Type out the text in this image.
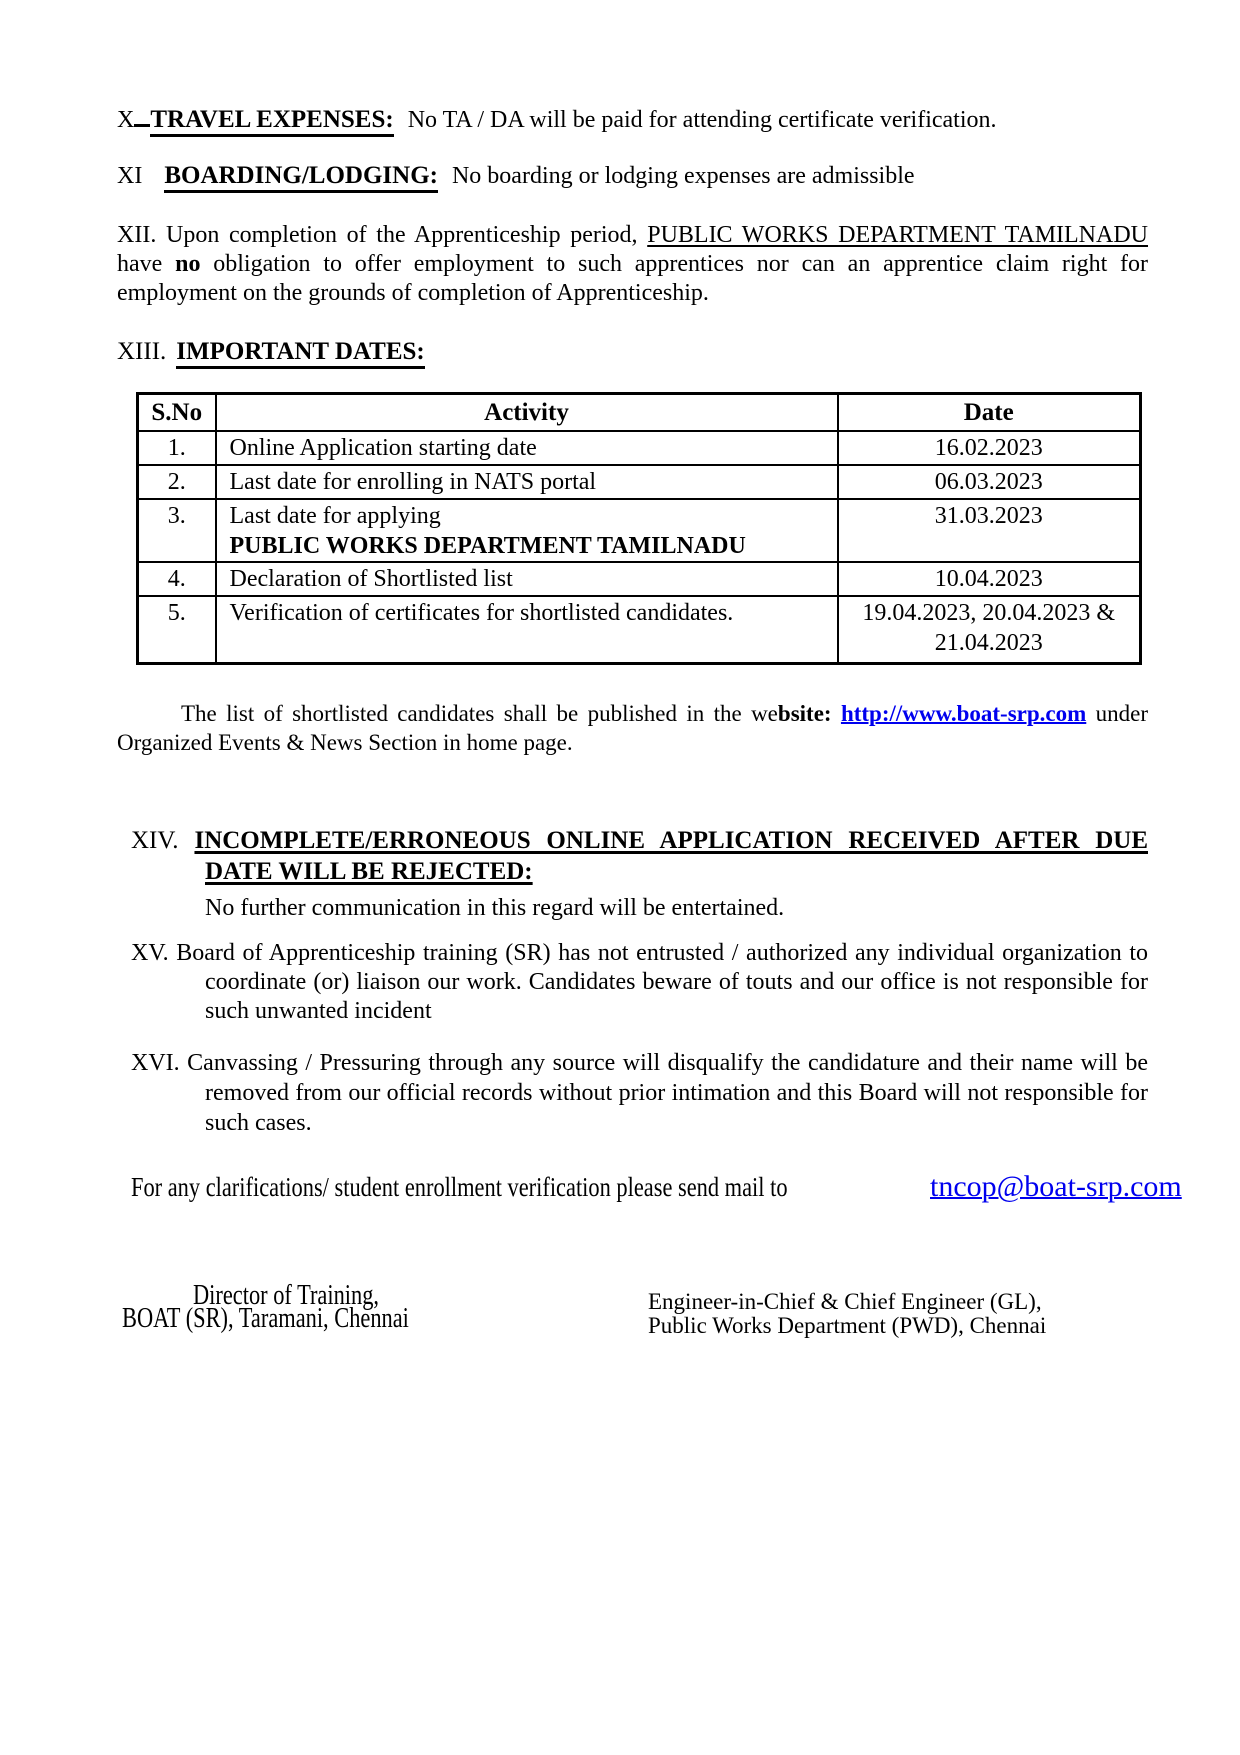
X TRAVEL EXPENSES: No TA / DA will be paid for attending certificate verification.
XI BOARDING/LODGING: No boarding or lodging expenses are admissible
XII. Upon completion of the Apprenticeship period, PUBLIC WORKS DEPARTMENT TAMILNADU have no obligation to offer employment to such apprentices nor can an apprentice claim right for employment on the grounds of completion of Apprenticeship.
XIII. IMPORTANT DATES:
S.No	Activity	Date
1.	Online Application starting date	16.02.2023
2.	Last date for enrolling in NATS portal	06.03.2023
3.	Last date for applying
PUBLIC WORKS DEPARTMENT TAMILNADU	31.03.2023
4.	Declaration of Shortlisted list	10.04.2023
5.	Verification of certificates for shortlisted candidates.	19.04.2023, 20.04.2023 &
21.04.2023
The list of shortlisted candidates shall be published in the website: http://www.boat-srp.com under Organized Events & News Section in home page.
XIV. INCOMPLETE/ERRONEOUS ONLINE APPLICATION RECEIVED AFTER DUE DATE WILL BE REJECTED:
No further communication in this regard will be entertained.
XV. Board of Apprenticeship training (SR) has not entrusted / authorized any individual organization to coordinate (or) liaison our work. Candidates beware of touts and our office is not responsible for such unwanted incident
XVI. Canvassing / Pressuring through any source will disqualify the candidature and their name will be removed from our official records without prior intimation and this Board will not responsible for such cases.
For any clarifications/ student enrollment verification please send mail to	tncop@boat-srp.com
Director of Training,
BOAT (SR), Taramani, Chennai
Engineer-in-Chief & Chief Engineer (GL),
Public Works Department (PWD), Chennai
